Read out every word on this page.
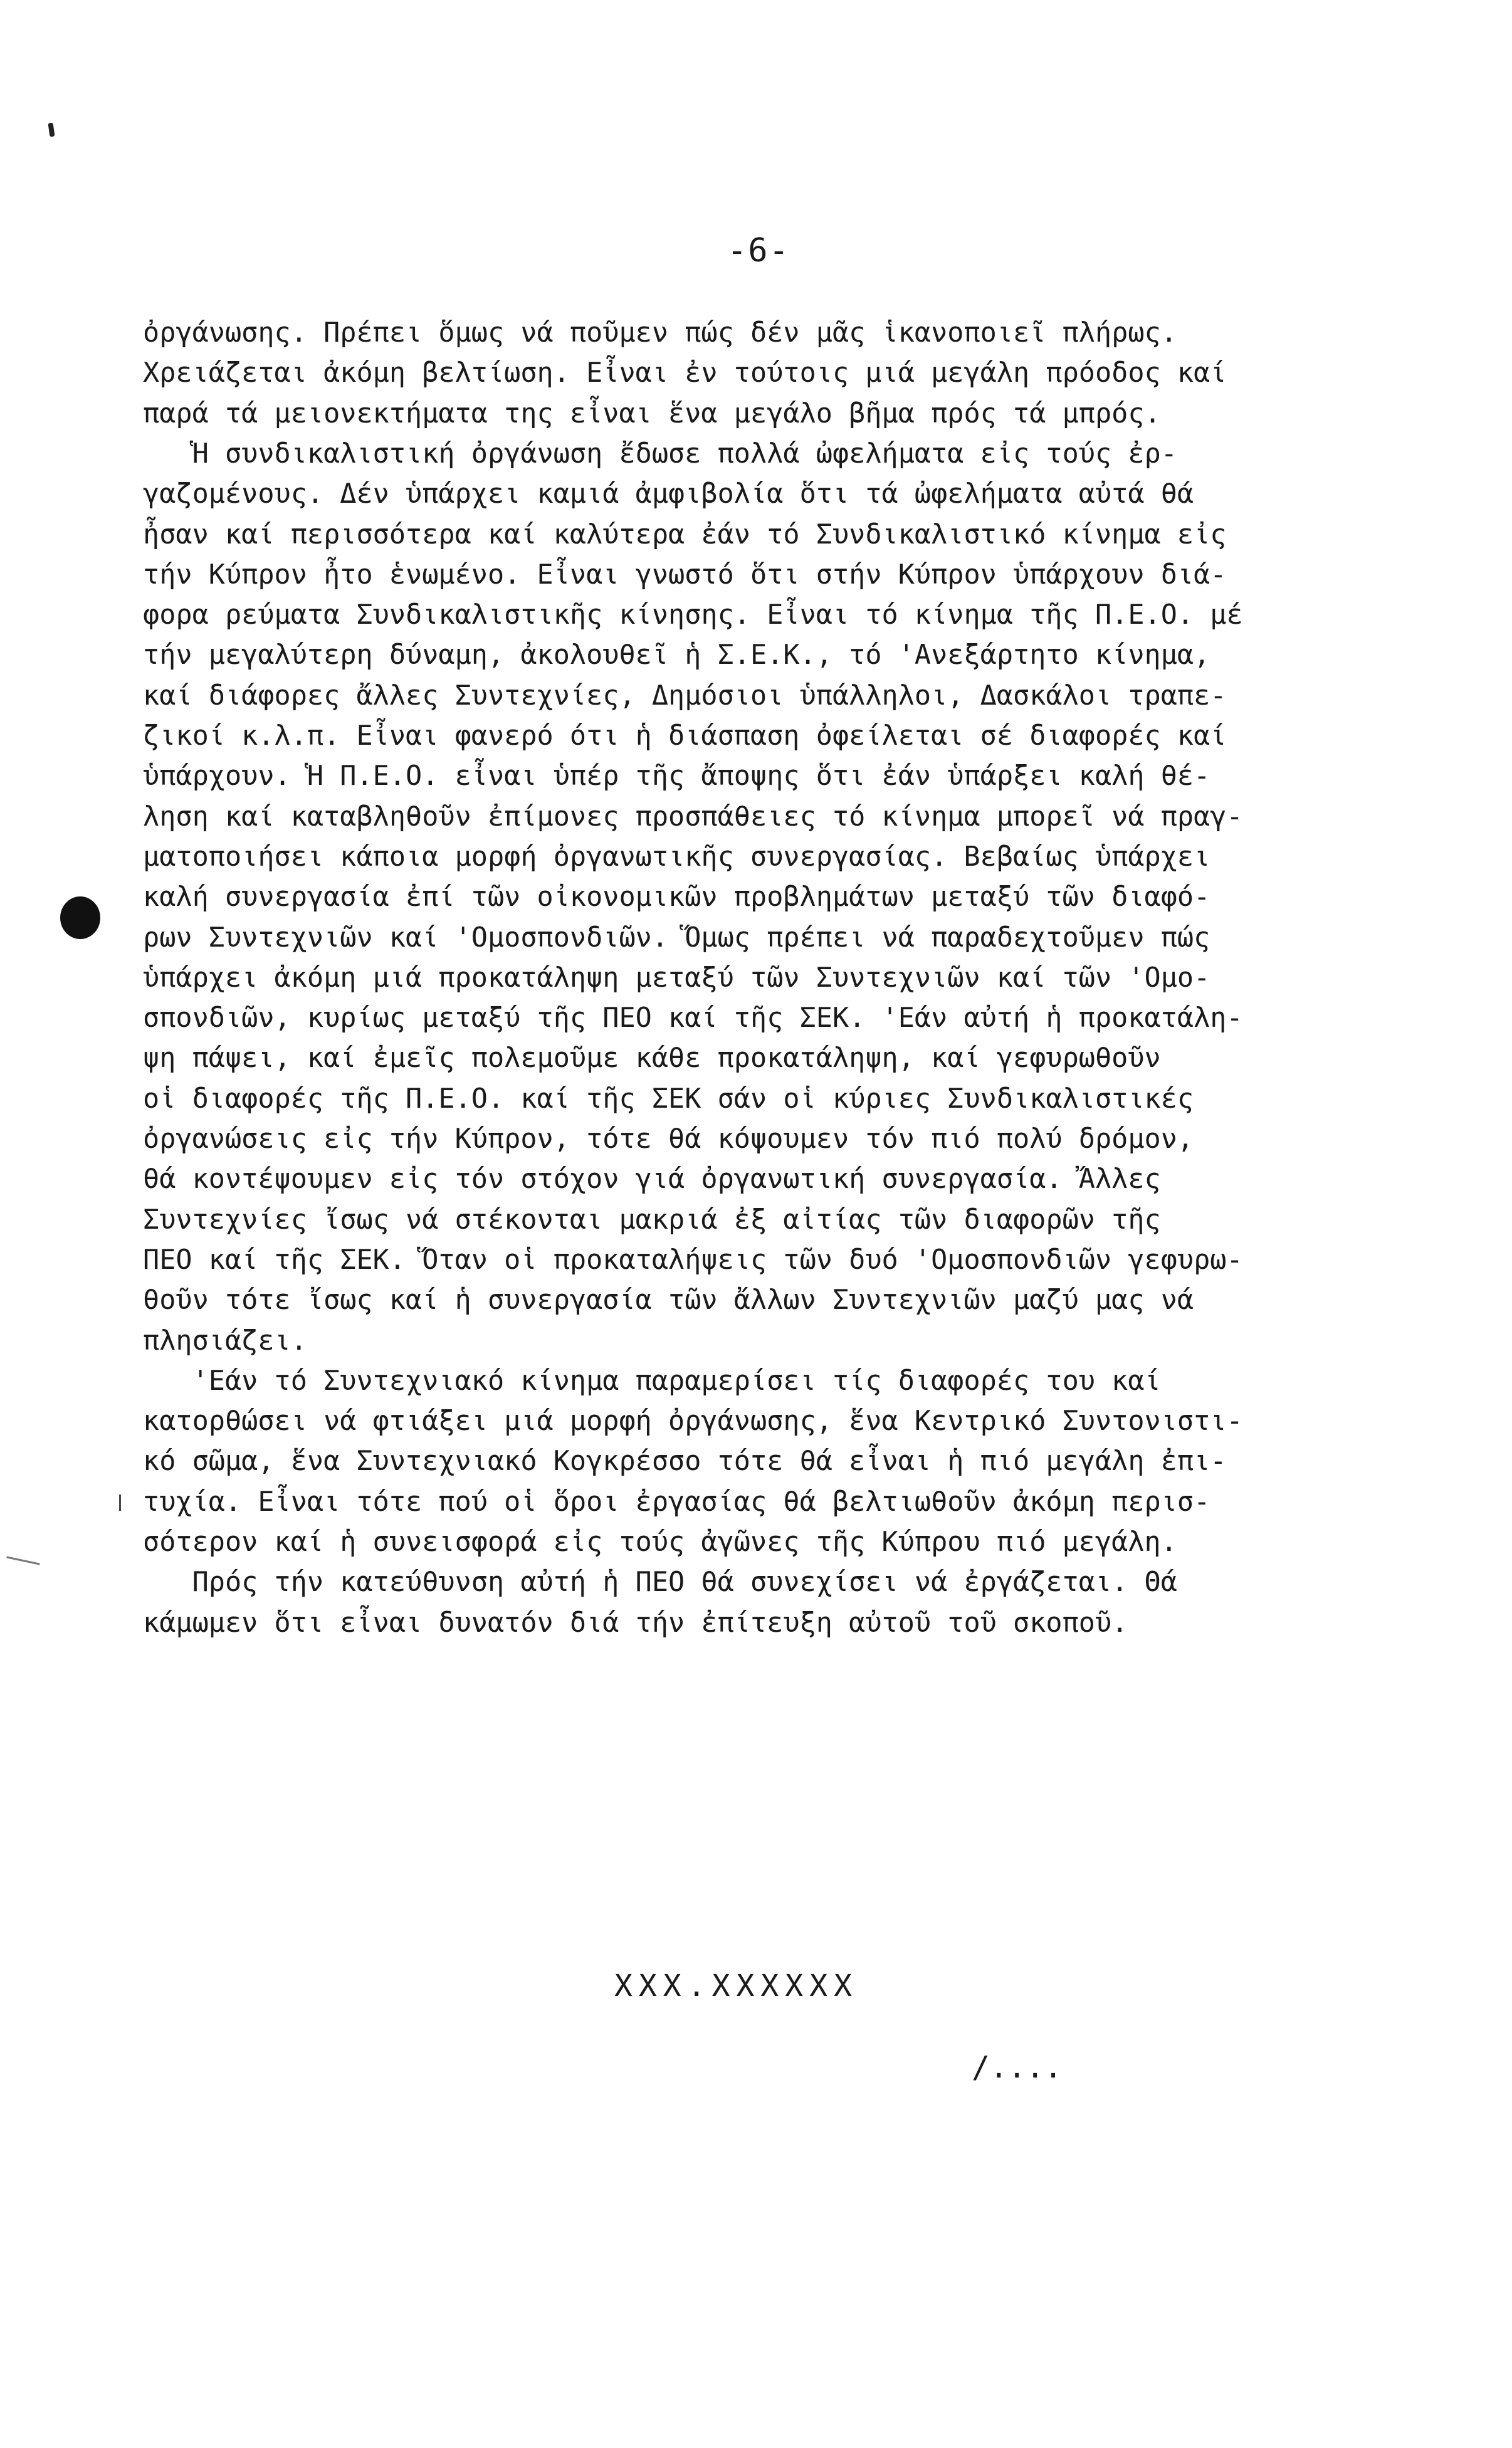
-6-
ὀργάνωσης. Πρέπει ὅμως νά ποῦμεν πώς δέν μᾶς ἱκανοποιεῖ πλήρως.
Χρειάζεται ἀκόμη βελτίωση. Εἶναι ἐν τούτοις μιά μεγάλη πρόοδος καί
παρά τά μειονεκτήματα της εἶναι ἕνα μεγάλο βῆμα πρός τά μπρός.
Ἡ συνδικαλιστική ὀργάνωση ἔδωσε πολλά ὠφελήματα εἰς τούς ἐρ-
γαζομένους. Δέν ὑπάρχει καμιά ἀμφιβολία ὅτι τά ὠφελήματα αὐτά θά
ἦσαν καί περισσότερα καί καλύτερα ἐάν τό Συνδικαλιστικό κίνημα εἰς
τήν Κύπρον ἦτο ἑνωμένο. Εἶναι γνωστό ὅτι στήν Κύπρον ὑπάρχουν διά-
φορα ρεύματα Συνδικαλιστικῆς κίνησης. Εἶναι τό κίνημα τῆς Π.Ε.Ο. μέ
τήν μεγαλύτερη δύναμη, ἀκολουθεῖ ἡ Σ.Ε.Κ., τό 'Ανεξάρτητο κίνημα,
καί διάφορες ἄλλες Συντεχνίες, Δημόσιοι ὑπάλληλοι, Δασκάλοι τραπε-
ζικοί κ.λ.π. Εἶναι φανερό ότι ἡ διάσπαση ὀφείλεται σέ διαφορές καί
ὑπάρχουν. Ἡ Π.Ε.Ο. εἶναι ὑπέρ τῆς ἄποψης ὅτι ἐάν ὑπάρξει καλή θέ-
ληση καί καταβληθοῦν ἐπίμονες προσπάθειες τό κίνημα μπορεῖ νά πραγ-
ματοποιήσει κάποια μορφή ὀργανωτικῆς συνεργασίας. Βεβαίως ὑπάρχει
καλή συνεργασία ἐπί τῶν οἰκονομικῶν προβλημάτων μεταξύ τῶν διαφό-
ρων Συντεχνιῶν καί 'Ομοσπονδιῶν. Ὅμως πρέπει νά παραδεχτοῦμεν πώς
ὑπάρχει ἀκόμη μιά προκατάληψη μεταξύ τῶν Συντεχνιῶν καί τῶν 'Ομο-
σπονδιῶν, κυρίως μεταξύ τῆς ΠΕΟ καί τῆς ΣΕΚ. 'Εάν αὐτή ἡ προκατάλη-
ψη πάψει, καί ἐμεῖς πολεμοῦμε κάθε προκατάληψη, καί γεφυρωθοῦν
οἱ διαφορές τῆς Π.Ε.Ο. καί τῆς ΣΕΚ σάν οἱ κύριες Συνδικαλιστικές
ὀργανώσεις εἰς τήν Κύπρον, τότε θά κόψουμεν τόν πιό πολύ δρόμον,
θά κοντέψουμεν εἰς τόν στόχον γιά ὀργανωτική συνεργασία. Ἄλλες
Συντεχνίες ἴσως νά στέκονται μακριά ἐξ αἰτίας τῶν διαφορῶν τῆς
ΠΕΟ καί τῆς ΣΕΚ. Ὅταν οἱ προκαταλήψεις τῶν δυό 'Ομοσπονδιῶν γεφυρω-
θοῦν τότε ἴσως καί ἡ συνεργασία τῶν ἄλλων Συντεχνιῶν μαζύ μας νά
πλησιάζει.
'Εάν τό Συντεχνιακό κίνημα παραμερίσει τίς διαφορές του καί
κατορθώσει νά φτιάξει μιά μορφή ὀργάνωσης, ἕνα Κεντρικό Συντονιστι-
κό σῶμα, ἕνα Συντεχνιακό Κογκρέσσο τότε θά εἶναι ἡ πιό μεγάλη ἐπι-
τυχία. Εἶναι τότε πού οἱ ὅροι ἐργασίας θά βελτιωθοῦν ἀκόμη περισ-
σότερον καί ἡ συνεισφορά εἰς τούς ἀγῶνες τῆς Κύπρου πιό μεγάλη.
Πρός τήν κατεύθυνση αὐτή ἡ ΠΕΟ θά συνεχίσει νά ἐργάζεται. Θά
κάμωμεν ὅτι εἶναι δυνατόν διά τήν ἐπίτευξη αὐτοῦ τοῦ σκοποῦ.
XXX.XXXXXX
/....
